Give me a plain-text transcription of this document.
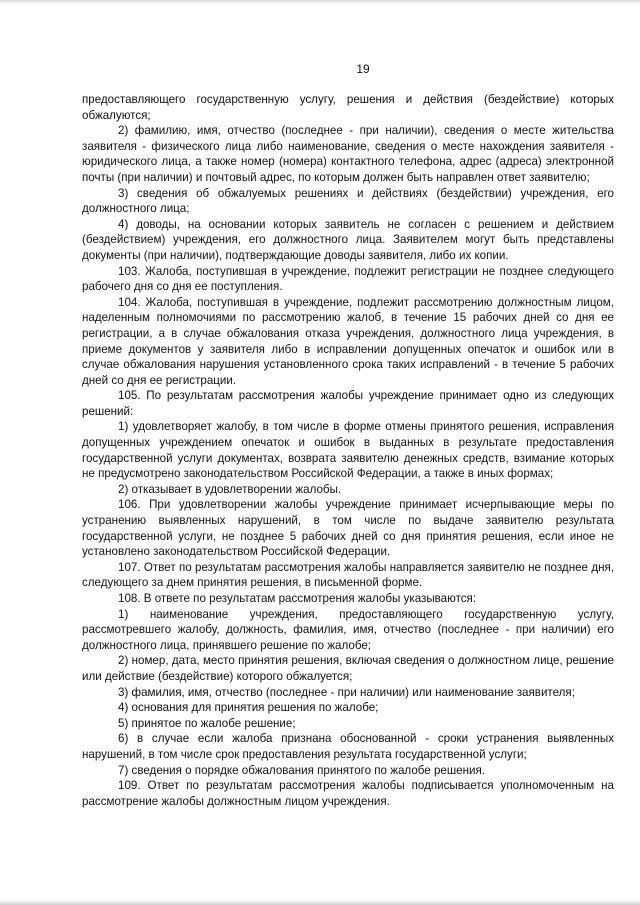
19

предоставляющего государственную услугу, решения и действия (бездействие) которых обжалуются;

2) фамилию, имя, отчество (последнее - при наличии), сведения о месте жительства заявителя - физического лица либо наименование, сведения о месте нахождения заявителя - юридического лица, а также номер (номера) контактного телефона, адрес (адреса) электронной почты (при наличии) и почтовый адрес, по которым должен быть направлен ответ заявителю;

3) сведения об обжалуемых решениях и действиях (бездействии) учреждения, его должностного лица;

4) доводы, на основании которых заявитель не согласен с решением и действием (бездействием) учреждения, его должностного лица. Заявителем могут быть представлены документы (при наличии), подтверждающие доводы заявителя, либо их копии.

103. Жалоба, поступившая в учреждение, подлежит регистрации не позднее следующего рабочего дня со дня ее поступления.

104. Жалоба, поступившая в учреждение, подлежит рассмотрению должностным лицом, наделенным полномочиями по рассмотрению жалоб, в течение 15 рабочих дней со дня ее регистрации, а в случае обжалования отказа учреждения, должностного лица учреждения, в приеме документов у заявителя либо в исправлении допущенных опечаток и ошибок или в случае обжалования нарушения установленного срока таких исправлений - в течение 5 рабочих дней со дня ее регистрации.

105. По результатам рассмотрения жалобы учреждение принимает одно из следующих решений:

1) удовлетворяет жалобу, в том числе в форме отмены принятого решения, исправления допущенных учреждением опечаток и ошибок в выданных в результате предоставления государственной услуги документах, возврата заявителю денежных средств, взимание которых не предусмотрено законодательством Российской Федерации, а также в иных формах;

2) отказывает в удовлетворении жалобы.

106. При удовлетворении жалобы учреждение принимает исчерпывающие меры по устранению выявленных нарушений, в том числе по выдаче заявителю результата государственной услуги, не позднее 5 рабочих дней со дня принятия решения, если иное не установлено законодательством Российской Федерации.

107. Ответ по результатам рассмотрения жалобы направляется заявителю не позднее дня, следующего за днем принятия решения, в письменной форме.

108. В ответе по результатам рассмотрения жалобы указываются:

1) наименование учреждения, предоставляющего государственную услугу, рассмотревшего жалобу, должность, фамилия, имя, отчество (последнее - при наличии) его должностного лица, принявшего решение по жалобе;

2) номер, дата, место принятия решения, включая сведения о должностном лице, решение или действие (бездействие) которого обжалуется;

3) фамилия, имя, отчество (последнее - при наличии) или наименование заявителя;

4) основания для принятия решения по жалобе;

5) принятое по жалобе решение;

6) в случае если жалоба признана обоснованной - сроки устранения выявленных нарушений, в том числе срок предоставления результата государственной услуги;

7) сведения о порядке обжалования принятого по жалобе решения.

109. Ответ по результатам рассмотрения жалобы подписывается уполномоченным на рассмотрение жалобы должностным лицом учреждения.
